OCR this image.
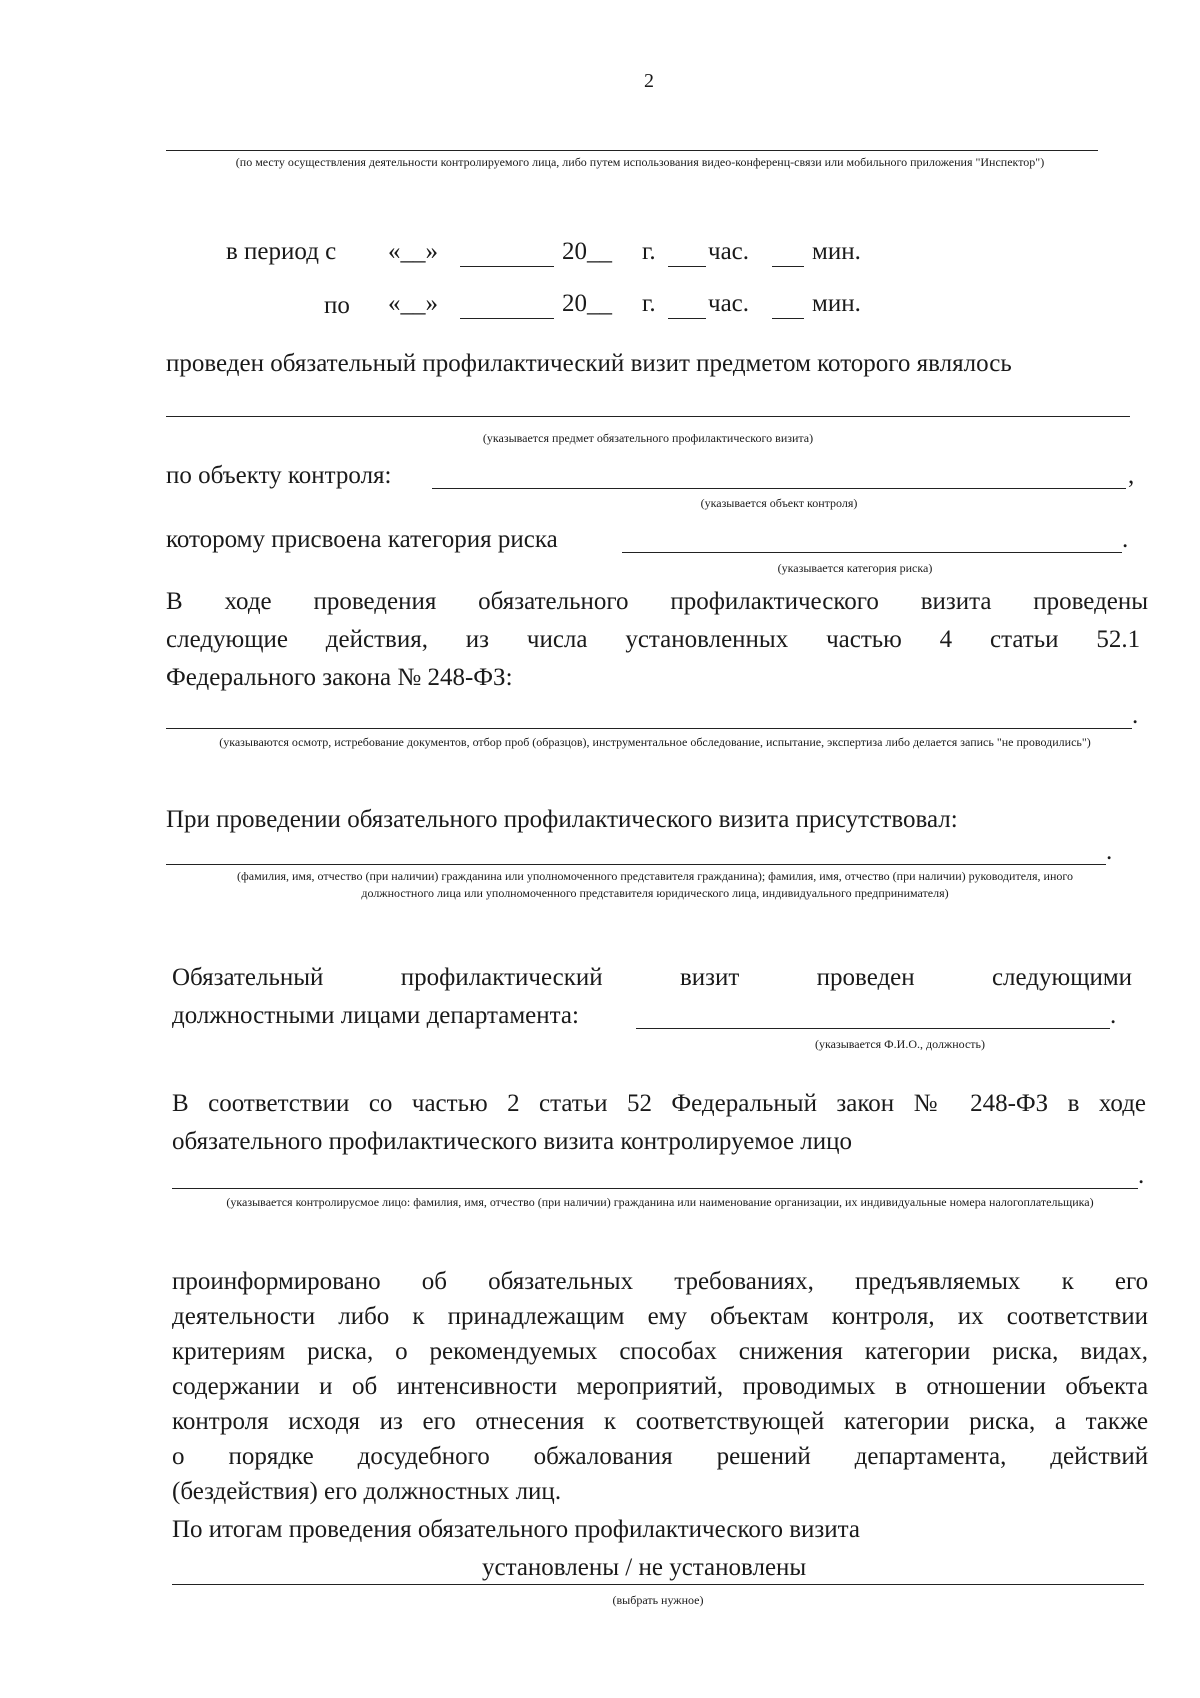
2
(по месту осуществления деятельности контролируемого лица, либо путем использования видео-конференц-связи или мобильного приложения "Инспектор")
в период с «__»	20__ г. час.	мин.
по «__»	20__ г. час.	мин.
проведен обязательный профилактический визит предметом которого являлось
(указывается предмет обязательного профилактического визита)
по объекту контроля:	,
(указывается объект контроля)
которому присвоена категория риска	.
(указывается категория риска)
В ходе проведения обязательного профилактического визита проведены
следующие действия, из числа установленных частью 4 статьи 52.1
Федерального закона № 248-ФЗ:
.
(указываются осмотр, истребование документов, отбор проб (образцов), инструментальное обследование, испытание, экспертиза либо делается запись "не проводились")
При проведении обязательного профилактического визита присутствовал:
.
(фамилия, имя, отчество (при наличии) гражданина или уполномоченного представителя гражданина); фамилия, имя, отчество (при наличии) руководителя, иного должностного лица или уполномоченного представителя юридического лица, индивидуального предпринимателя)
Обязательный	профилактический	визит	проведен	следующими
должностными лицами департамента:	.
(указывается Ф.И.О., должность)
В соответствии со частью 2 статьи 52 Федеральный закон № 248-ФЗ в ходе
обязательного профилактического визита контролируемое лицо
.
(указывается контролирусмое лицо: фамилия, имя, отчество (при наличии) гражданина или наименование организации, их индивидуальные номера налогоплательщика)
проинформировано об обязательных требованиях, предъявляемых к его
деятельности либо к принадлежащим ему объектам контроля, их соответствии
критериям риска, о рекомендуемых способах снижения категории риска, видах,
содержании и об интенсивности мероприятий, проводимых в отношении объекта
контроля исходя из его отнесения к соответствующей категории риска, а также
о порядке досудебного обжалования решений департамента, действий
(бездействия) его должностных лиц.
По итогам проведения обязательного профилактического визита
установлены / не установлены
(выбрать нужное)
